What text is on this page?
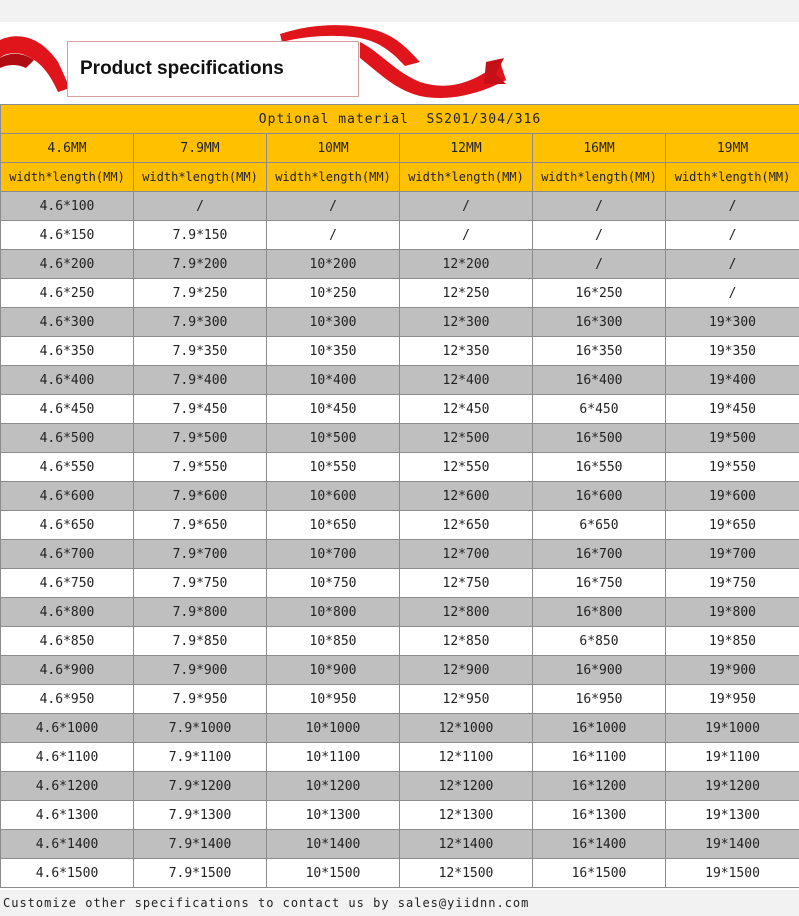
Product specifications
Optional material  SS201/304/316					
4.6MM	7.9MM	10MM	12MM	16MM	19MM
width*length(MM)	width*length(MM)	width*length(MM)	width*length(MM)	width*length(MM)	width*length(MM)
4.6*100	/	/	/	/	/
4.6*150	7.9*150	/	/	/	/
4.6*200	7.9*200	10*200	12*200	/	/
4.6*250	7.9*250	10*250	12*250	16*250	/
4.6*300	7.9*300	10*300	12*300	16*300	19*300
4.6*350	7.9*350	10*350	12*350	16*350	19*350
4.6*400	7.9*400	10*400	12*400	16*400	19*400
4.6*450	7.9*450	10*450	12*450	6*450	19*450
4.6*500	7.9*500	10*500	12*500	16*500	19*500
4.6*550	7.9*550	10*550	12*550	16*550	19*550
4.6*600	7.9*600	10*600	12*600	16*600	19*600
4.6*650	7.9*650	10*650	12*650	6*650	19*650
4.6*700	7.9*700	10*700	12*700	16*700	19*700
4.6*750	7.9*750	10*750	12*750	16*750	19*750
4.6*800	7.9*800	10*800	12*800	16*800	19*800
4.6*850	7.9*850	10*850	12*850	6*850	19*850
4.6*900	7.9*900	10*900	12*900	16*900	19*900
4.6*950	7.9*950	10*950	12*950	16*950	19*950
4.6*1000	7.9*1000	10*1000	12*1000	16*1000	19*1000
4.6*1100	7.9*1100	10*1100	12*1100	16*1100	19*1100
4.6*1200	7.9*1200	10*1200	12*1200	16*1200	19*1200
4.6*1300	7.9*1300	10*1300	12*1300	16*1300	19*1300
4.6*1400	7.9*1400	10*1400	12*1400	16*1400	19*1400
4.6*1500	7.9*1500	10*1500	12*1500	16*1500	19*1500
Customize other specifications to contact us by sales@yiidnn.com
